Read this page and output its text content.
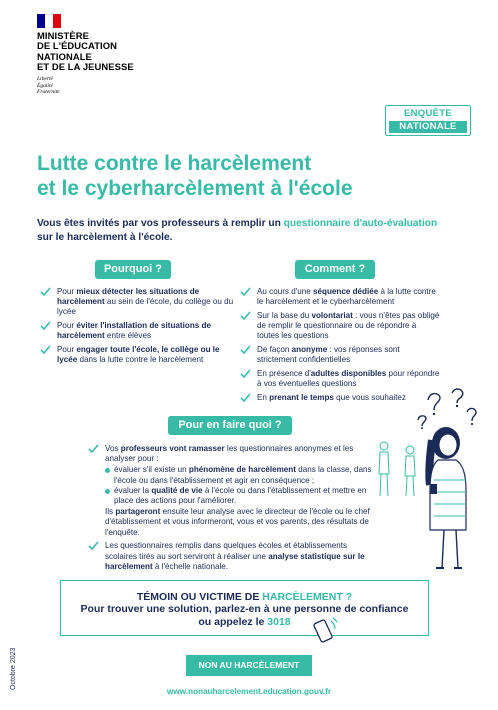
MINISTÈRE
DE L'ÉDUCATION
NATIONALE
ET DE LA JEUNESSE
Liberté
Égalité
Fraternité
ENQUÊTE
NATIONALE
Lutte contre le harcèlement
et le cyberharcèlement à l'école
Vous êtes invités par vos professeurs à remplir un questionnaire d'auto-évaluation
sur le harcèlement à l'école.
Pourquoi ?
Pour mieux détecter les situations de harcèlement au sein de l'école, du collège ou du lycée
Pour éviter l'installation de situations de harcèlement entre élèves
Pour engager toute l'école, le collège ou le lycée dans la lutte contre le harcèlement
Comment ?
Au cours d'une séquence dédiée à la lutte contre le harcèlement et le cyberharcèlement
Sur la base du volontariat : vous n'êtes pas obligé de remplir le questionnaire ou de répondre à toutes les questions
De façon anonyme : vos réponses sont strictement confidentielles
En présence d'adultes disponibles pour répondre à vos éventuelles questions
En prenant le temps que vous souhaitez
Pour en faire quoi ?
Vos professeurs vont ramasser les questionnaires anonymes et les analyser pour :
évaluer s'il existe un phénomène de harcèlement dans la classe, dans l'école ou dans l'établissement et agir en conséquence ;
évaluer la qualité de vie à l'école ou dans l'établissement et mettre en place des actions pour l'améliorer.
Ils partageront ensuite leur analyse avec le directeur de l'école ou le chef d'établissement et vous informeront, vous et vos parents, des résultats de l'enquête.
Les questionnaires remplis dans quelques écoles et établissements scolaires tirés au sort serviront à réaliser une analyse statistique sur le harcèlement à l'échelle nationale.
TÉMOIN OU VICTIME DE HARCÈLEMENT ?
Pour trouver une solution, parlez-en à une personne de confiance
ou appelez le 3018
NON AU HARCÈLEMENT
www.nonauharcelement.education.gouv.fr
Octobre 2023
